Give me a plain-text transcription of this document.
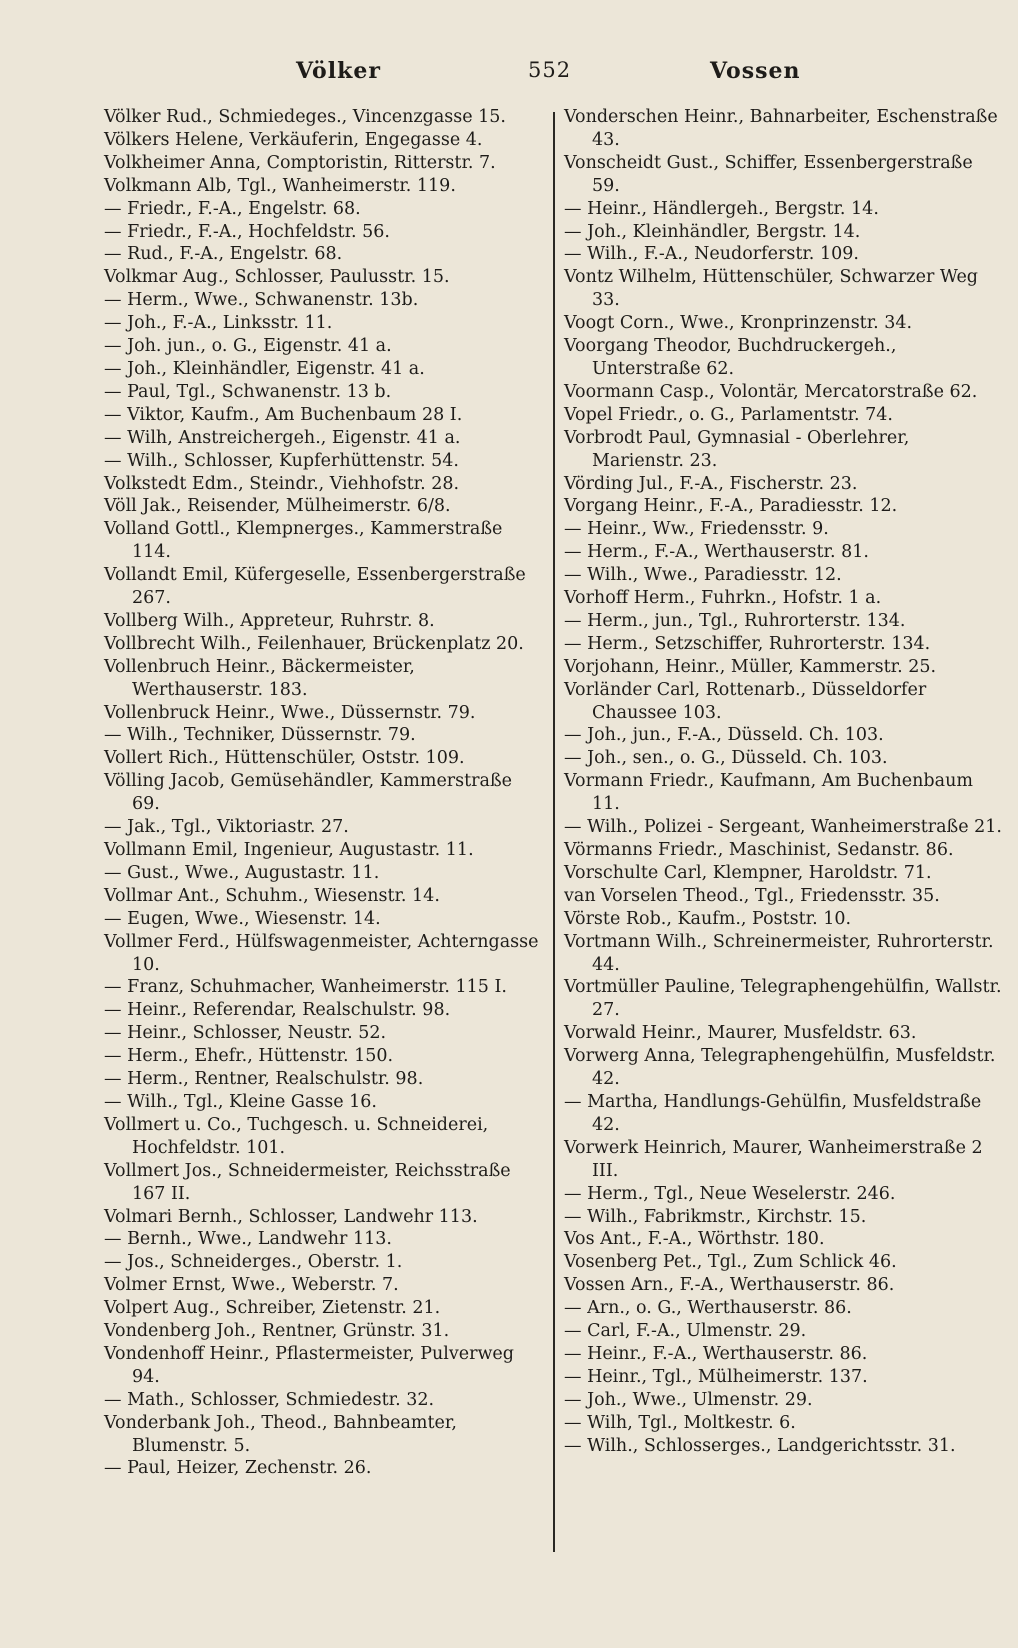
Völker	552	Vossen

Völker Rud., Schmiedeges., Vincenzgasse 15.

Völkers Helene, Verkäuferin, Engegasse 4.

Volkheimer Anna, Comptoristin, Ritterstr. 7.

Volkmann Alb, Tgl., Wanheimerstr. 119.

— Friedr., F.-A., Engelstr. 68.

— Friedr., F.-A., Hochfeldstr. 56.

— Rud., F.-A., Engelstr. 68.

Volkmar Aug., Schlosser, Paulusstr. 15.

— Herm., Wwe., Schwanenstr. 13b.

— Joh., F.-A., Linksstr. 11.

— Joh. jun., o. G., Eigenstr. 41 a.

— Joh., Kleinhändler, Eigenstr. 41 a.

— Paul, Tgl., Schwanenstr. 13 b.

— Viktor, Kaufm., Am Buchenbaum 28 I.

— Wilh, Anstreichergeh., Eigenstr. 41 a.

— Wilh., Schlosser, Kupferhüttenstr. 54.

Volkstedt Edm., Steindr., Viehhofstr. 28.

Völl Jak., Reisender, Mülheimerstr. 6/8.

Volland Gottl., Klempnerges., Kammerstraße 114.

Vollandt Emil, Küfergeselle, Essenbergerstraße 267.

Vollberg Wilh., Appreteur, Ruhrstr. 8.

Vollbrecht Wilh., Feilenhauer, Brückenplatz 20.

Vollenbruch Heinr., Bäckermeister, Werthauserstr. 183.

Vollenbruck Heinr., Wwe., Düssernstr. 79.

— Wilh., Techniker, Düssernstr. 79.

Vollert Rich., Hüttenschüler, Oststr. 109.

Völling Jacob, Gemüsehändler, Kammerstraße 69.

— Jak., Tgl., Viktoriastr. 27.

Vollmann Emil, Ingenieur, Augustastr. 11.

— Gust., Wwe., Augustastr. 11.

Vollmar Ant., Schuhm., Wiesenstr. 14.

— Eugen, Wwe., Wiesenstr. 14.

Vollmer Ferd., Hülfswagenmeister, Achterngasse 10.

— Franz, Schuhmacher, Wanheimerstr. 115 I.

— Heinr., Referendar, Realschulstr. 98.

— Heinr., Schlosser, Neustr. 52.

— Herm., Ehefr., Hüttenstr. 150.

— Herm., Rentner, Realschulstr. 98.

— Wilh., Tgl., Kleine Gasse 16.

Vollmert u. Co., Tuchgesch. u. Schneiderei, Hochfeldstr. 101.

Vollmert Jos., Schneidermeister, Reichsstraße 167 II.

Volmari Bernh., Schlosser, Landwehr 113.

— Bernh., Wwe., Landwehr 113.

— Jos., Schneiderges., Oberstr. 1.

Volmer Ernst, Wwe., Weberstr. 7.

Volpert Aug., Schreiber, Zietenstr. 21.

Vondenberg Joh., Rentner, Grünstr. 31.

Vondenhoff Heinr., Pflastermeister, Pulverweg 94.

— Math., Schlosser, Schmiedestr. 32.

Vonderbank Joh., Theod., Bahnbeamter, Blumenstr. 5.

— Paul, Heizer, Zechenstr. 26.

Vonderschen Heinr., Bahnarbeiter, Eschenstraße 43.

Vonscheidt Gust., Schiffer, Essenbergerstraße 59.

— Heinr., Händlergeh., Bergstr. 14.

— Joh., Kleinhändler, Bergstr. 14.

— Wilh., F.-A., Neudorferstr. 109.

Vontz Wilhelm, Hüttenschüler, Schwarzer Weg 33.

Voogt Corn., Wwe., Kronprinzenstr. 34.

Voorgang Theodor, Buchdruckergeh., Unterstraße 62.

Voormann Casp., Volontär, Mercatorstraße 62.

Vopel Friedr., o. G., Parlamentstr. 74.

Vorbrodt Paul, Gymnasial - Oberlehrer, Marienstr. 23.

Vörding Jul., F.-A., Fischerstr. 23.

Vorgang Heinr., F.-A., Paradiesstr. 12.

— Heinr., Ww., Friedensstr. 9.

— Herm., F.-A., Werthauserstr. 81.

— Wilh., Wwe., Paradiesstr. 12.

Vorhoff Herm., Fuhrkn., Hofstr. 1 a.

— Herm., jun., Tgl., Ruhrorterstr. 134.

— Herm., Setzschiffer, Ruhrorterstr. 134.

Vorjohann, Heinr., Müller, Kammerstr. 25.

Vorländer Carl, Rottenarb., Düsseldorfer Chaussee 103.

— Joh., jun., F.-A., Düsseld. Ch. 103.

— Joh., sen., o. G., Düsseld. Ch. 103.

Vormann Friedr., Kaufmann, Am Buchenbaum 11.

— Wilh., Polizei - Sergeant, Wanheimerstraße 21.

Vörmanns Friedr., Maschinist, Sedanstr. 86.

Vorschulte Carl, Klempner, Haroldstr. 71.

van Vorselen Theod., Tgl., Friedensstr. 35.

Vörste Rob., Kaufm., Poststr. 10.

Vortmann Wilh., Schreinermeister, Ruhrorterstr. 44.

Vortmüller Pauline, Telegraphengehülfin, Wallstr. 27.

Vorwald Heinr., Maurer, Musfeldstr. 63.

Vorwerg Anna, Telegraphengehülfin, Musfeldstr. 42.

— Martha, Handlungs-Gehülfin, Musfeldstraße 42.

Vorwerk Heinrich, Maurer, Wanheimerstraße 2 III.

— Herm., Tgl., Neue Weselerstr. 246.

— Wilh., Fabrikmstr., Kirchstr. 15.

Vos Ant., F.-A., Wörthstr. 180.

Vosenberg Pet., Tgl., Zum Schlick 46.

Vossen Arn., F.-A., Werthauserstr. 86.

— Arn., o. G., Werthauserstr. 86.

— Carl, F.-A., Ulmenstr. 29.

— Heinr., F.-A., Werthauserstr. 86.

— Heinr., Tgl., Mülheimerstr. 137.

— Joh., Wwe., Ulmenstr. 29.

— Wilh, Tgl., Moltkestr. 6.

— Wilh., Schlosserges., Landgerichtsstr. 31.
